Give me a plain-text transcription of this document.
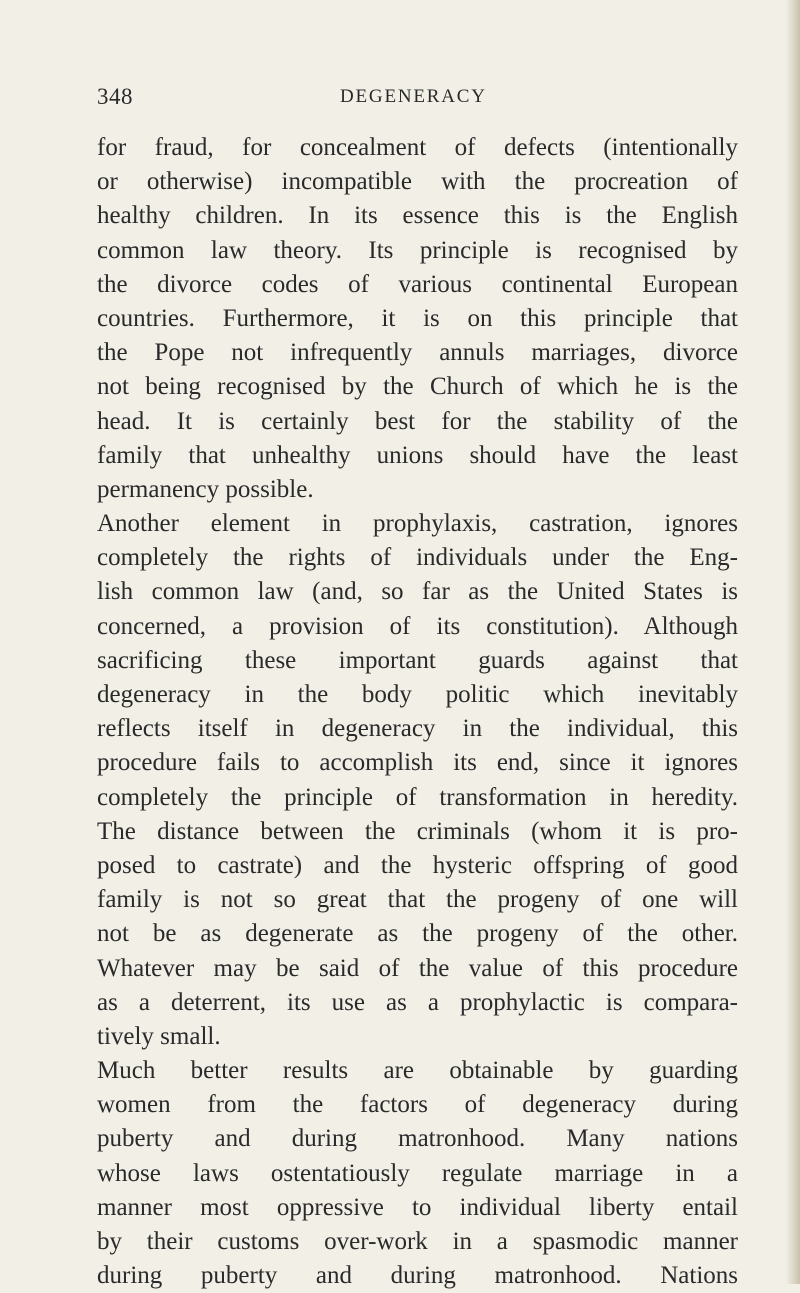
348	DEGENERACY
for fraud, for concealment of defects (intentionally
or otherwise) incompatible with the procreation of
healthy children. In its essence this is the English
common law theory. Its principle is recognised by
the divorce codes of various continental European
countries. Furthermore, it is on this principle that
the Pope not infrequently annuls marriages, divorce
not being recognised by the Church of which he is the
head. It is certainly best for the stability of the
family that unhealthy unions should have the least
permanency possible.
Another element in prophylaxis, castration, ignores
completely the rights of individuals under the Eng-
lish common law (and, so far as the United States is
concerned, a provision of its constitution). Although
sacrificing these important guards against that
degeneracy in the body politic which inevitably
reflects itself in degeneracy in the individual, this
procedure fails to accomplish its end, since it ignores
completely the principle of transformation in heredity.
The distance between the criminals (whom it is pro-
posed to castrate) and the hysteric offspring of good
family is not so great that the progeny of one will
not be as degenerate as the progeny of the other.
Whatever may be said of the value of this procedure
as a deterrent, its use as a prophylactic is compara-
tively small.
Much better results are obtainable by guarding
women from the factors of degeneracy during
puberty and during matronhood. Many nations
whose laws ostentatiously regulate marriage in a
manner most oppressive to individual liberty entail
by their customs over-work in a spasmodic manner
during puberty and during matronhood. Nations
